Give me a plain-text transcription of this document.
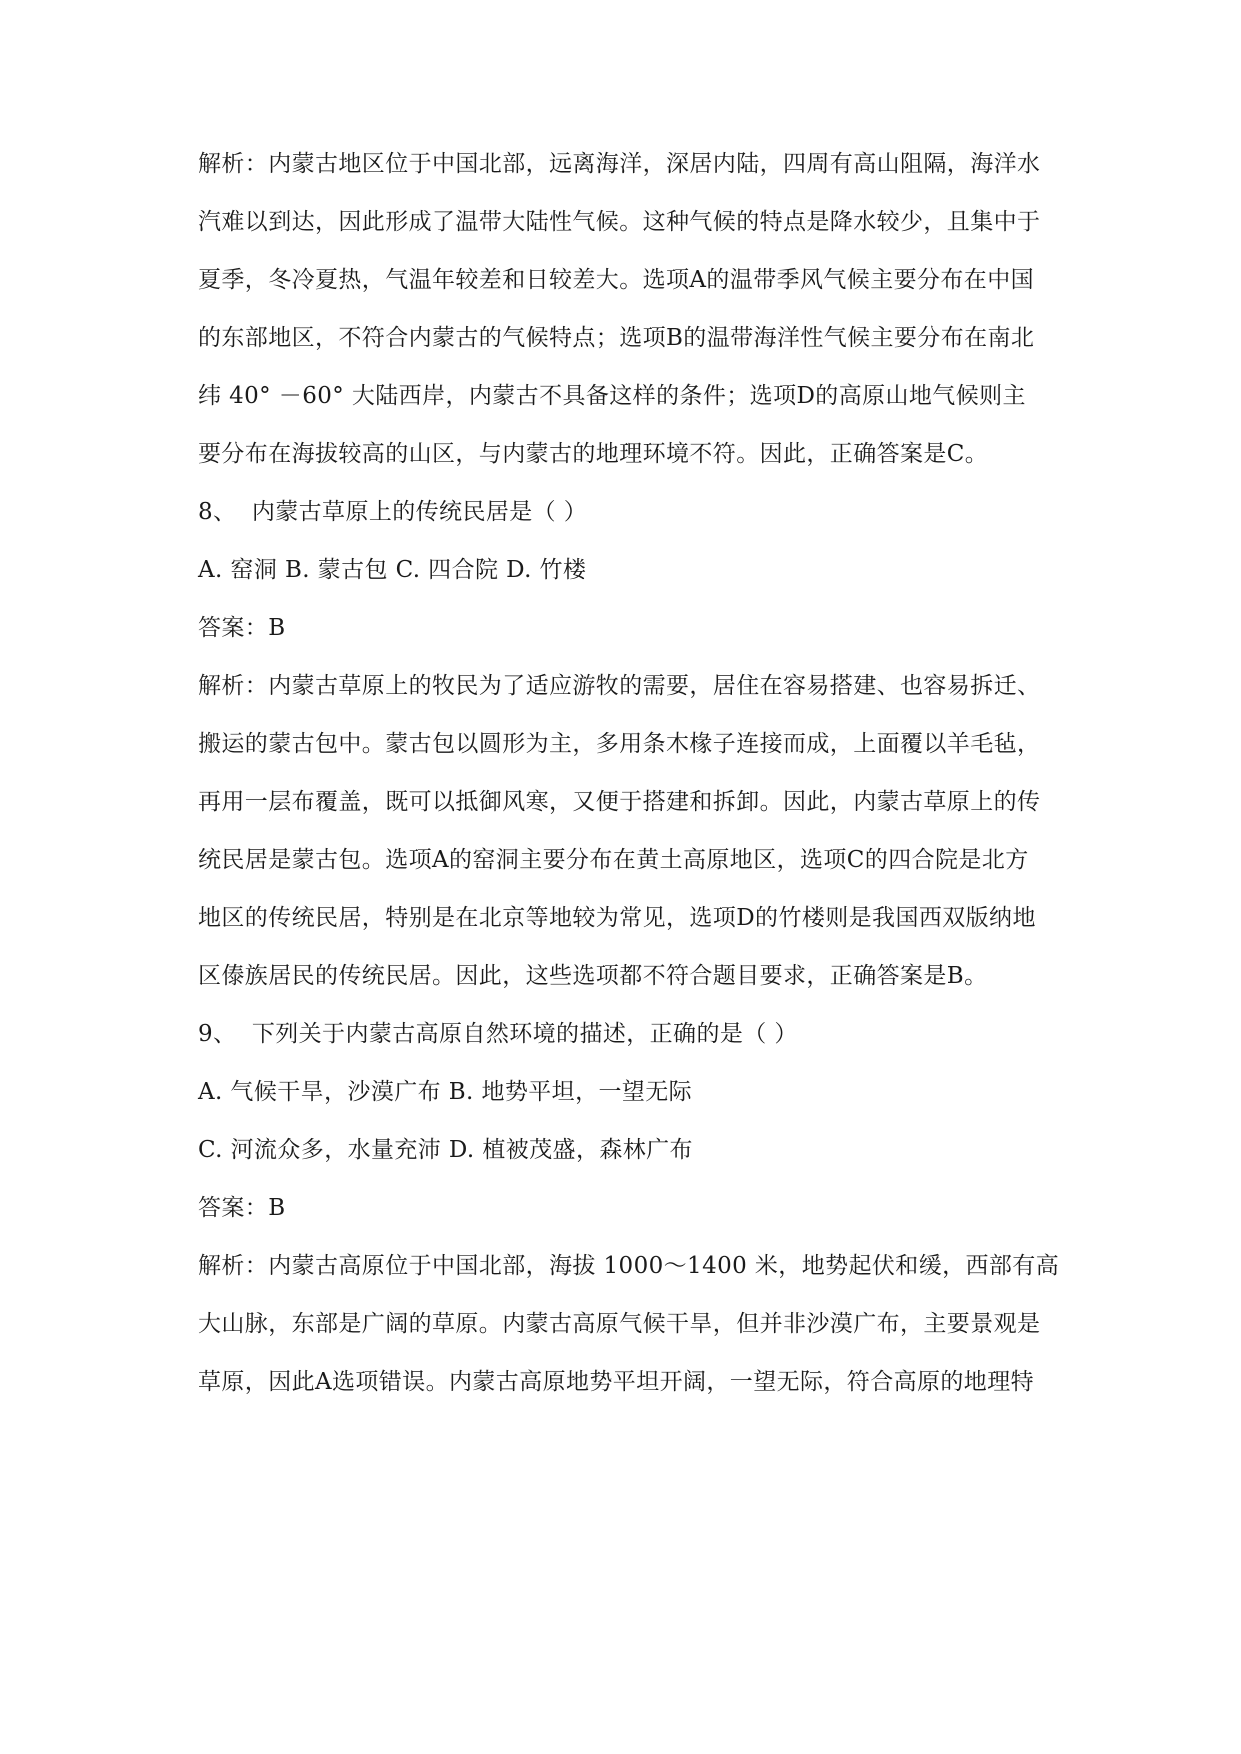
解析：内蒙古地区位于中国北部，远离海洋，深居内陆，四周有高山阻隔，海洋水

汽难以到达，因此形成了温带大陆性气候。这种气候的特点是降水较少，且集中于

夏季，冬冷夏热，气温年较差和日较差大。选项A的温带季风气候主要分布在中国

的东部地区，不符合内蒙古的气候特点；选项B的温带海洋性气候主要分布在南北

纬 40° －60° 大陆西岸，内蒙古不具备这样的条件；选项D的高原山地气候则主

要分布在海拔较高的山区，与内蒙古的地理环境不符。因此，正确答案是C。

8、  内蒙古草原上的传统民居是（ ）

A. 窑洞 B. 蒙古包 C. 四合院 D. 竹楼

答案：B

解析：内蒙古草原上的牧民为了适应游牧的需要，居住在容易搭建、也容易拆迁、

搬运的蒙古包中。蒙古包以圆形为主，多用条木椽子连接而成，上面覆以羊毛毡，

再用一层布覆盖，既可以抵御风寒，又便于搭建和拆卸。因此，内蒙古草原上的传

统民居是蒙古包。选项A的窑洞主要分布在黄土高原地区，选项C的四合院是北方

地区的传统民居，特别是在北京等地较为常见，选项D的竹楼则是我国西双版纳地

区傣族居民的传统民居。因此，这些选项都不符合题目要求，正确答案是B。

9、  下列关于内蒙古高原自然环境的描述，正确的是（ ）

A. 气候干旱，沙漠广布 B. 地势平坦，一望无际

C. 河流众多，水量充沛 D. 植被茂盛，森林广布

答案：B

解析：内蒙古高原位于中国北部，海拔 1000～1400 米，地势起伏和缓，西部有高

大山脉，东部是广阔的草原。内蒙古高原气候干旱，但并非沙漠广布，主要景观是

草原，因此A选项错误。内蒙古高原地势平坦开阔，一望无际，符合高原的地理特
